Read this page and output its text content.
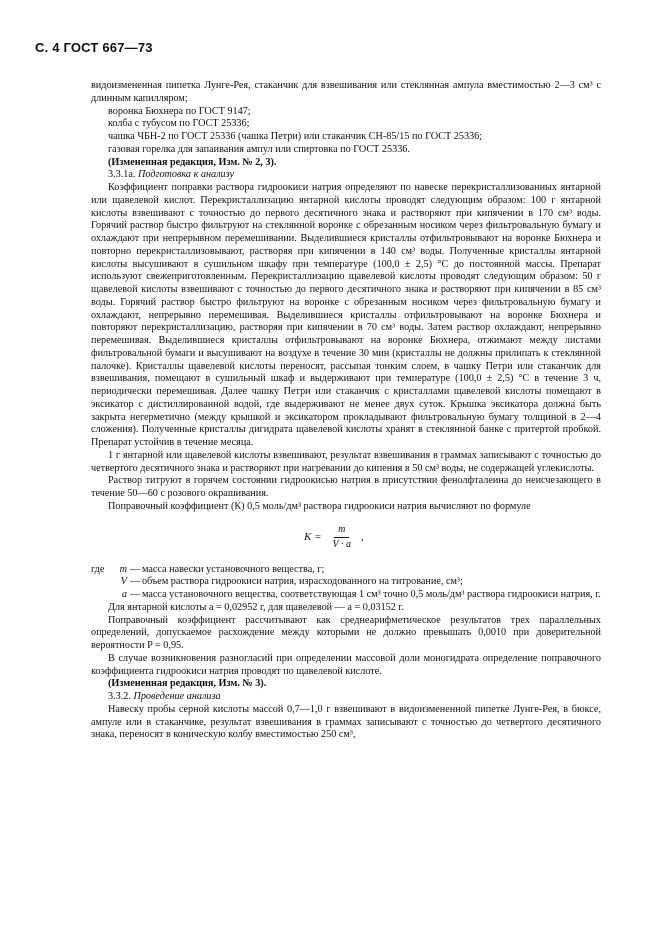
С. 4 ГОСТ 667—73

видоизмененная пипетка Лунге-Рея, стаканчик для взвешивания или стеклянная ампула вместимостью 2—3 см³ с длинным капилляром;

воронка Бюхнера по ГОСТ 9147;

колба с тубусом по ГОСТ 25336;

чашка ЧБН-2 по ГОСТ 25336 (чашка Петри) или стаканчик СН-85/15 по ГОСТ 25336;

газовая горелка для запаивания ампул или спиртовка по ГОСТ 25336.

(Измененная редакция, Изм. № 2, 3).

3.3.1а. Подготовка к анализу

Коэффициент поправки раствора гидроокиси натрия определяют по навеске перекристаллизованных янтарной или щавелевой кислот. Перекристаллизацию янтарной кислоты проводят следующим образом: 100 г янтарной кислоты взвешивают с точностью до первого десятичного знака и растворяют при кипячении в 170 см³ воды. Горячий раствор быстро фильтруют на стеклянной воронке с обрезанным носиком через фильтровальную бумагу и охлаждают при непрерывном перемешивании. Выделившиеся кристаллы отфильтровывают на воронке Бюхнера и повторно перекристаллизовывают, растворяя при кипячении в 140 см³ воды. Полученные кристаллы янтарной кислоты высушивают в сушильном шкафу при температуре (100,0 ± 2,5) °С до постоянной массы. Препарат используют свежеприготовленным. Перекристаллизацию щавелевой кислоты проводят следующим образом: 50 г щавелевой кислоты взвешивают с точностью до первого десятичного знака и растворяют при кипячении в 85 см³ воды. Горячий раствор быстро фильтруют на воронке с обрезанным носиком через фильтровальную бумагу и охлаждают, непрерывно перемешивая. Выделившиеся кристаллы отфильтровывают на воронке Бюхнера и повторяют перекристаллизацию, растворяя при кипячении в 70 см³ воды. Затем раствор охлаждают, непрерывно перемешивая. Выделившиеся кристаллы отфильтровывают на воронке Бюхнера, отжимают между листами фильтровальной бумаги и высушивают на воздухе в течение 30 мин (кристаллы не должны прилипать к стеклянной палочке). Кристаллы щавелевой кислоты переносят, рассыпая тонким слоем, в чашку Петри или стаканчик для взвешивания, помещают в сушильный шкаф и выдерживают при температуре (100,0 ± 2,5) °С в течение 3 ч, периодически перемешивая. Далее чашку Петри или стаканчик с кристаллами щавелевой кислоты помещают в эксикатор с дистиллированной водой, где выдерживают не менее двух суток. Крышка эксикатора должна быть закрыта негерметично (между крышкой и эксикатором прокладывают фильтровальную бумагу толщиной в 2—4 сложения). Полученные кристаллы дигидрата щавелевой кислоты хранят в стеклянной банке с притертой пробкой. Препарат устойчив в течение месяца.

1 г янтарной или щавелевой кислоты взвешивают, результат взвешивания в граммах записывают с точностью до четвертого десятичного знака и растворяют при нагревании до кипения в 50 см³ воды, не содержащей углекислоты.

Раствор титруют в горячем состоянии гидроокисью натрия в присутствии фенолфталеина до неисчезающего в течение 50—60 с розового окрашивания.

Поправочный коэффициент (К) 0,5 моль/дм³ раствора гидроокиси натрия вычисляют по формуле

$K = \frac{m}{V \cdot a}$ ,
где	m — масса навески установочного вещества, г;
V — объем раствора гидроокиси натрия, израсходованного на титрование, см³;
a — масса установочного вещества, соответствующая 1 см³ точно 0,5 моль/дм³ раствора гидроокиси натрия, г.

Для янтарной кислоты a = 0,02952 г, для щавелевой — a = 0,03152 г.

Поправочный коэффициент рассчитывают как среднеарифметическое результатов трех параллельных определений, допускаемое расхождение между которыми не должно превышать 0,0010 при доверительной вероятности P = 0,95.

В случае возникновения разногласий при определении массовой доли моногидрата определение поправочного коэффициента гидроокиси натрия проводят по щавелевой кислоте.

(Измененная редакция, Изм. № 3).

3.3.2. Проведение анализа

Навеску пробы серной кислоты массой 0,7—1,0 г взвешивают в видоизмененной пипетке Лунге-Рея, в бюксе, ампуле или в стаканчике, результат взвешивания в граммах записывают с точностью до четвертого десятичного знака, переносят в коническую колбу вместимостью 250 см³,
